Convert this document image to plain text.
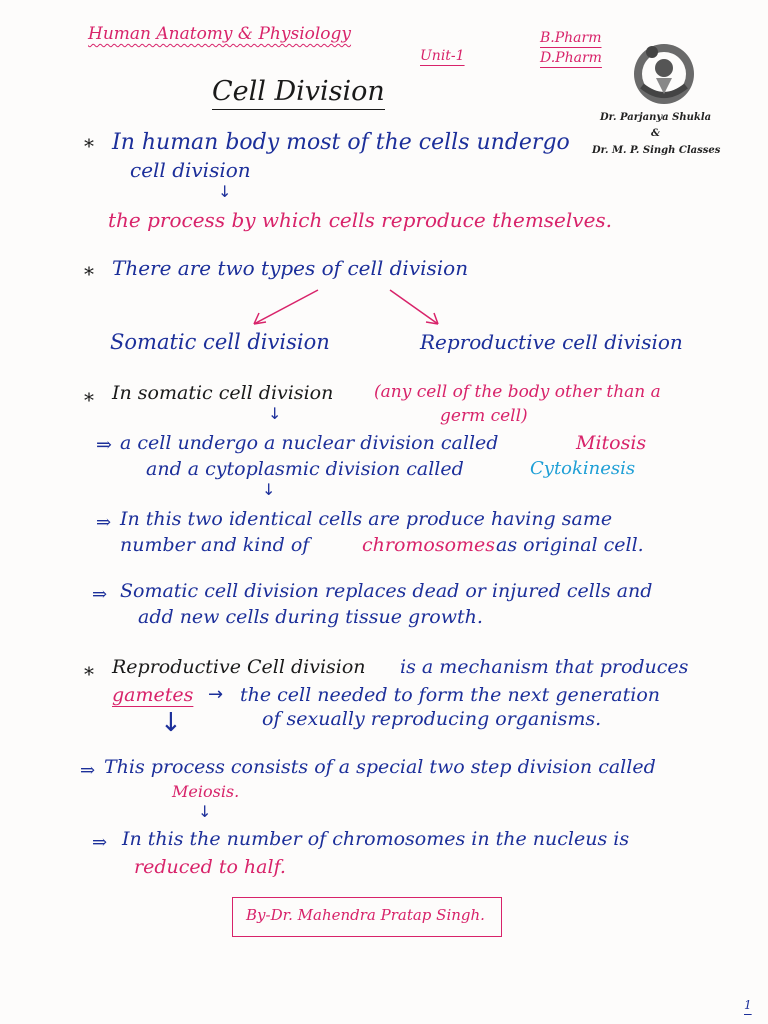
Human Anatomy & Physiology
Unit-1
B.Pharm
D.Pharm
Dr. Parjanya Shukla
&
Dr. M. P. Singh Classes
Cell Division
* In human body most of the cells undergo
cell division
↓
the process by which cells reproduce themselves.
* There are two types of cell division
Somatic cell division	Reproductive cell division
* In somatic cell division (any cell of the body other than a
↓	germ cell)
⇒ a cell undergo a nuclear division called	Mitosis
and a cytoplasmic division called	Cytokinesis
↓
⇒ In this two identical cells are produce having same
number and kind of	chromosomes as original cell.
⇒ Somatic cell division replaces dead or injured cells and
add new cells during tissue growth.
* Reproductive Cell division is a mechanism that produces
gametes → the cell needed to form the next generation
of sexually reproducing organisms.
↓
⇒ This process consists of a special two step division called
Meiosis.
↓
⇒ In this the number of chromosomes in the nucleus is
reduced to half.
By-Dr. Mahendra Pratap Singh.
1
